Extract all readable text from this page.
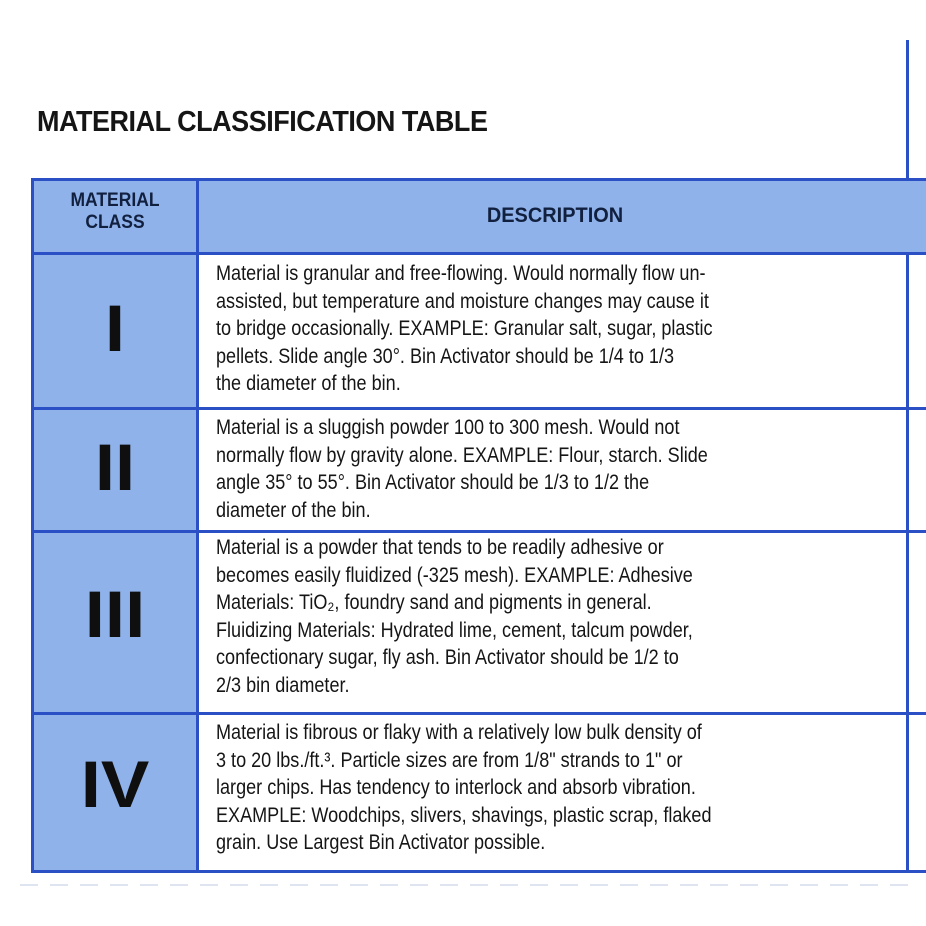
MATERIAL CLASSIFICATION TABLE
MATERIAL
CLASS	DESCRIPTION
I
Material is granular and free-flowing. Would normally flow un-
assisted, but temperature and moisture changes may cause it
to bridge occasionally. EXAMPLE: Granular salt, sugar, plastic
pellets. Slide angle 30°. Bin Activator should be 1/4 to 1/3
the diameter of the bin.
II
Material is a sluggish powder 100 to 300 mesh. Would not
normally flow by gravity alone. EXAMPLE: Flour, starch. Slide
angle 35° to 55°. Bin Activator should be 1/3 to 1/2 the
diameter of the bin.
III
Material is a powder that tends to be readily adhesive or
becomes easily fluidized (-325 mesh). EXAMPLE: Adhesive
Materials: TiO₂, foundry sand and pigments in general.
Fluidizing Materials: Hydrated lime, cement, talcum powder,
confectionary sugar, fly ash. Bin Activator should be 1/2 to
2/3 bin diameter.
IV
Material is fibrous or flaky with a relatively low bulk density of
3 to 20 lbs./ft.³. Particle sizes are from 1/8" strands to 1" or
larger chips. Has tendency to interlock and absorb vibration.
EXAMPLE: Woodchips, slivers, shavings, plastic scrap, flaked
grain. Use Largest Bin Activator possible.
